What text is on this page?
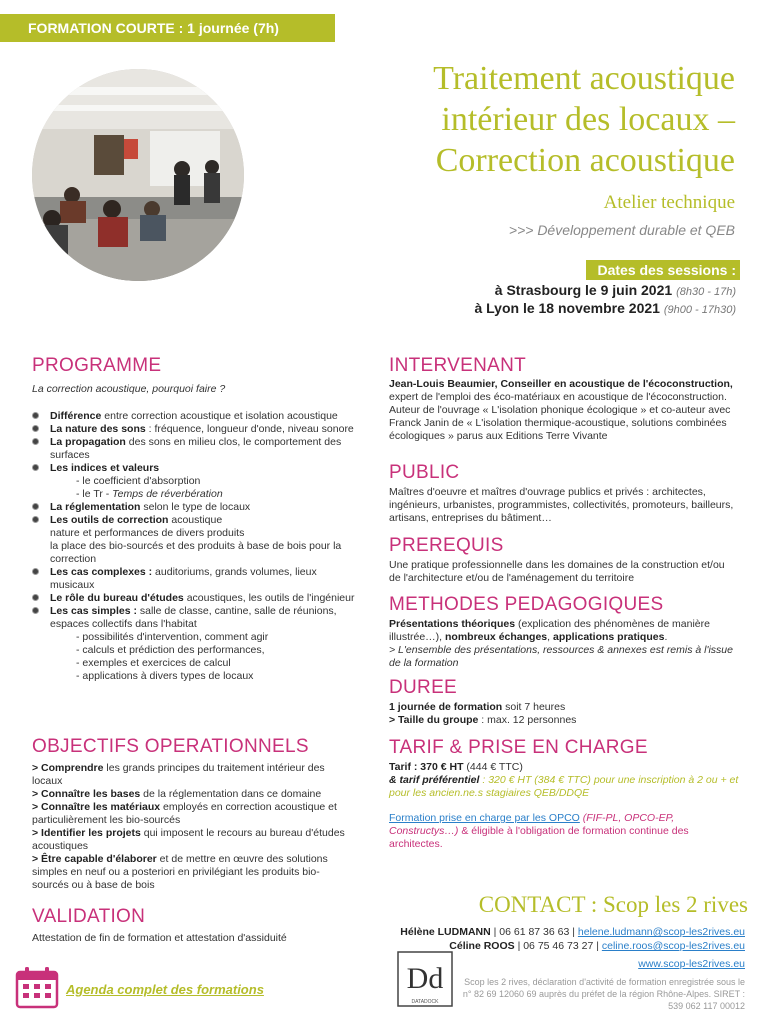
FORMATION COURTE : 1 journée (7h)
Traitement acoustique
intérieur des locaux –
Correction acoustique
Atelier technique
>>> Développement durable et QEB
Dates des sessions :
à Strasbourg le 9 juin 2021 (8h30 - 17h)
à Lyon le 18 novembre 2021 (9h00 - 17h30)
PROGRAMME
La correction acoustique, pourquoi faire ?
Différence entre correction acoustique et isolation acoustique
La nature des sons : fréquence, longueur d'onde, niveau sonore
La propagation des sons en milieu clos, le comportement des surfaces
Les indices et valeurs
- le coefficient d'absorption
- le Tr - Temps de réverbération
La réglementation selon le type de locaux
Les outils de correction acoustique
nature et performances de divers produits
la place des bio-sourcés et des produits à base de bois pour la correction
Les cas complexes : auditoriums, grands volumes, lieux musicaux
Le rôle du bureau d'études acoustiques, les outils de l'ingénieur
Les cas simples : salle de classe, cantine, salle de réunions, espaces collectifs dans l'habitat
- possibilités d'intervention, comment agir
- calculs et prédiction des performances,
- exemples et exercices de calcul
- applications à divers types de locaux
OBJECTIFS OPERATIONNELS
> Comprendre les grands principes du traitement intérieur des locaux
> Connaître les bases de la réglementation dans ce domaine
> Connaître les matériaux employés en correction acoustique et particulièrement les bio-sourcés
> Identifier les projets qui imposent le recours au bureau d'études acoustiques
> Être capable d'élaborer et de mettre en œuvre des solutions simples en neuf ou a posteriori en privilégiant les produits bio-sourcés ou à base de bois
VALIDATION
Attestation de fin de formation et attestation d'assiduité
Agenda complet des formations
INTERVENANT
Jean-Louis Beaumier, Conseiller en acoustique de l'écoconstruction, expert de l'emploi des éco-matériaux en acoustique de l'écoconstruction. Auteur de l'ouvrage « L'isolation phonique écologique » et co-auteur avec Franck Janin de « L'isolation thermique-acoustique, solutions combinées écologiques » parus aux Editions Terre Vivante
PUBLIC
Maîtres d'oeuvre et maîtres d'ouvrage publics et privés : architectes, ingénieurs, urbanistes, programmistes, collectivités, promoteurs, bailleurs, artisans, entreprises du bâtiment…
PREREQUIS
Une pratique professionnelle dans les domaines de la construction et/ou de l'architecture et/ou de l'aménagement du territoire
METHODES PEDAGOGIQUES
Présentations théoriques (explication des phénomènes de manière illustrée…), nombreux échanges, applications pratiques.
> L'ensemble des présentations, ressources & annexes est remis à l'issue de la formation
DUREE
1 journée de formation soit 7 heures
> Taille du groupe : max. 12 personnes
TARIF & PRISE EN CHARGE
Tarif : 370 € HT (444 € TTC)
& tarif préférentiel : 320 € HT (384 € TTC) pour une inscription à 2 ou + et pour les ancien.ne.s stagiaires QEB/DDQE
Formation prise en charge par les OPCO (FIF-PL, OPCO-EP, Constructys…) & éligible à l'obligation de formation continue des architectes.
CONTACT : Scop les 2 rives
Hélène LUDMANN | 06 61 87 36 63 | helene.ludmann@scop-les2rives.eu
Céline ROOS | 06 75 46 73 27 | celine.roos@scop-les2rives.eu
www.scop-les2rives.eu
Dd
DATADOCK
Scop les 2 rives, déclaration d'activité de formation enregistrée sous le n° 82 69 12060 69 auprès du préfet de la région Rhône-Alpes. SIRET : 539 062 117 00012
